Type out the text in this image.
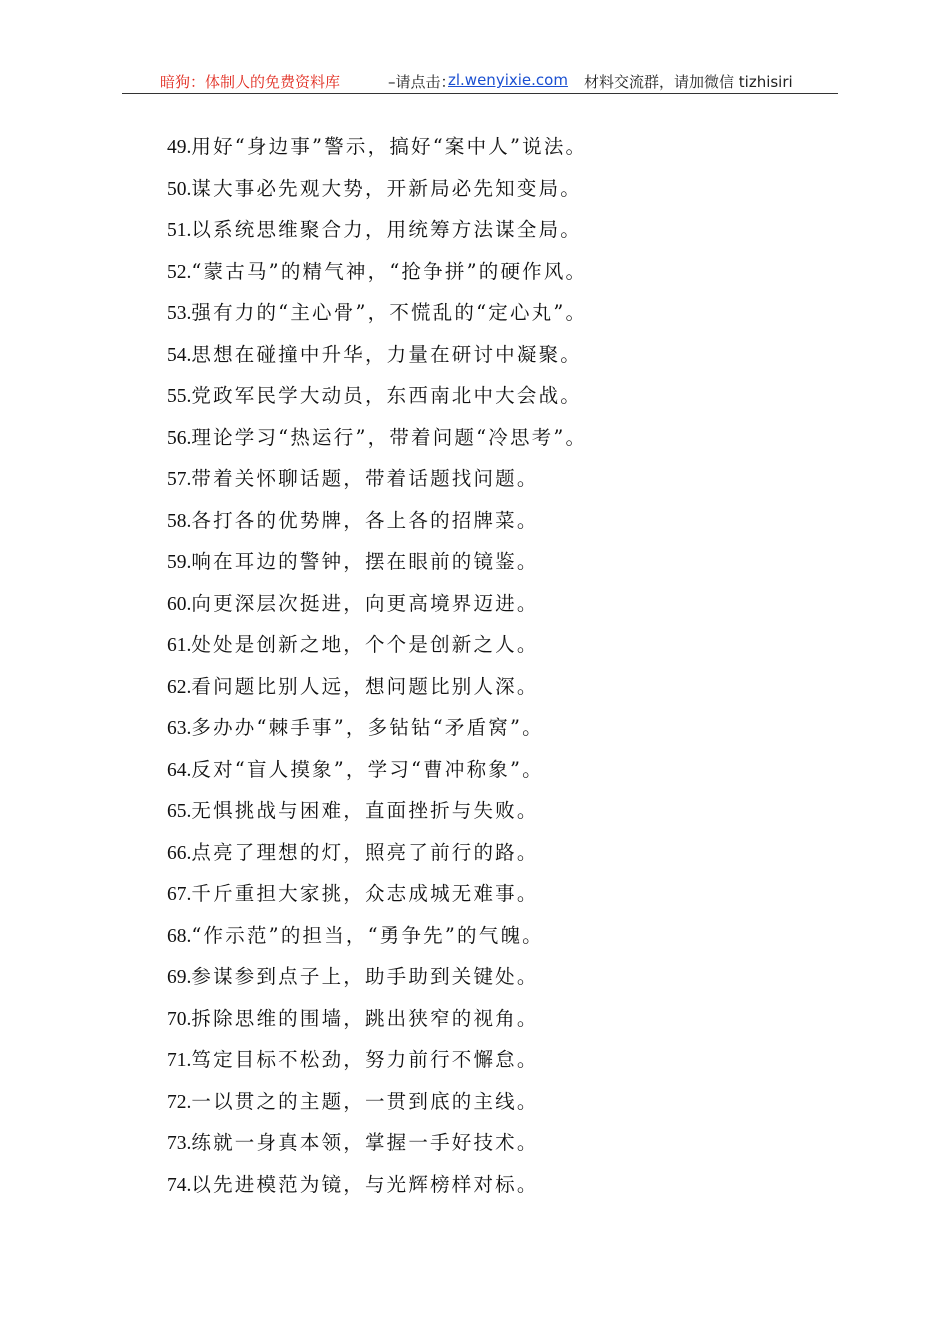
暗狗：体制人的免费资料库	–请点击：
zl.wenyixie.com 材料交流群，请加微信 tizhisiri
49.用好“身边事”警示，搞好“案中人”说法。
50.谋大事必先观大势，开新局必先知变局。
51.以系统思维聚合力，用统筹方法谋全局。
52.“蒙古马”的精气神，“抢争拼”的硬作风。
53.强有力的“主心骨”，不慌乱的“定心丸”。
54.思想在碰撞中升华，力量在研讨中凝聚。
55.党政军民学大动员，东西南北中大会战。
56.理论学习“热运行”，带着问题“冷思考”。
57.带着关怀聊话题，带着话题找问题。
58.各打各的优势牌，各上各的招牌菜。
59.响在耳边的警钟，摆在眼前的镜鉴。
60.向更深层次挺进，向更高境界迈进。
61.处处是创新之地，个个是创新之人。
62.看问题比别人远，想问题比别人深。
63.多办办“棘手事”，多钻钻“矛盾窝”。
64.反对“盲人摸象”，学习“曹冲称象”。
65.无惧挑战与困难，直面挫折与失败。
66.点亮了理想的灯，照亮了前行的路。
67.千斤重担大家挑，众志成城无难事。
68.“作示范”的担当，“勇争先”的气魄。
69.参谋参到点子上，助手助到关键处。
70.拆除思维的围墙，跳出狭窄的视角。
71.笃定目标不松劲，努力前行不懈怠。
72.一以贯之的主题，一贯到底的主线。
73.练就一身真本领，掌握一手好技术。
74.以先进模范为镜，与光辉榜样对标。
